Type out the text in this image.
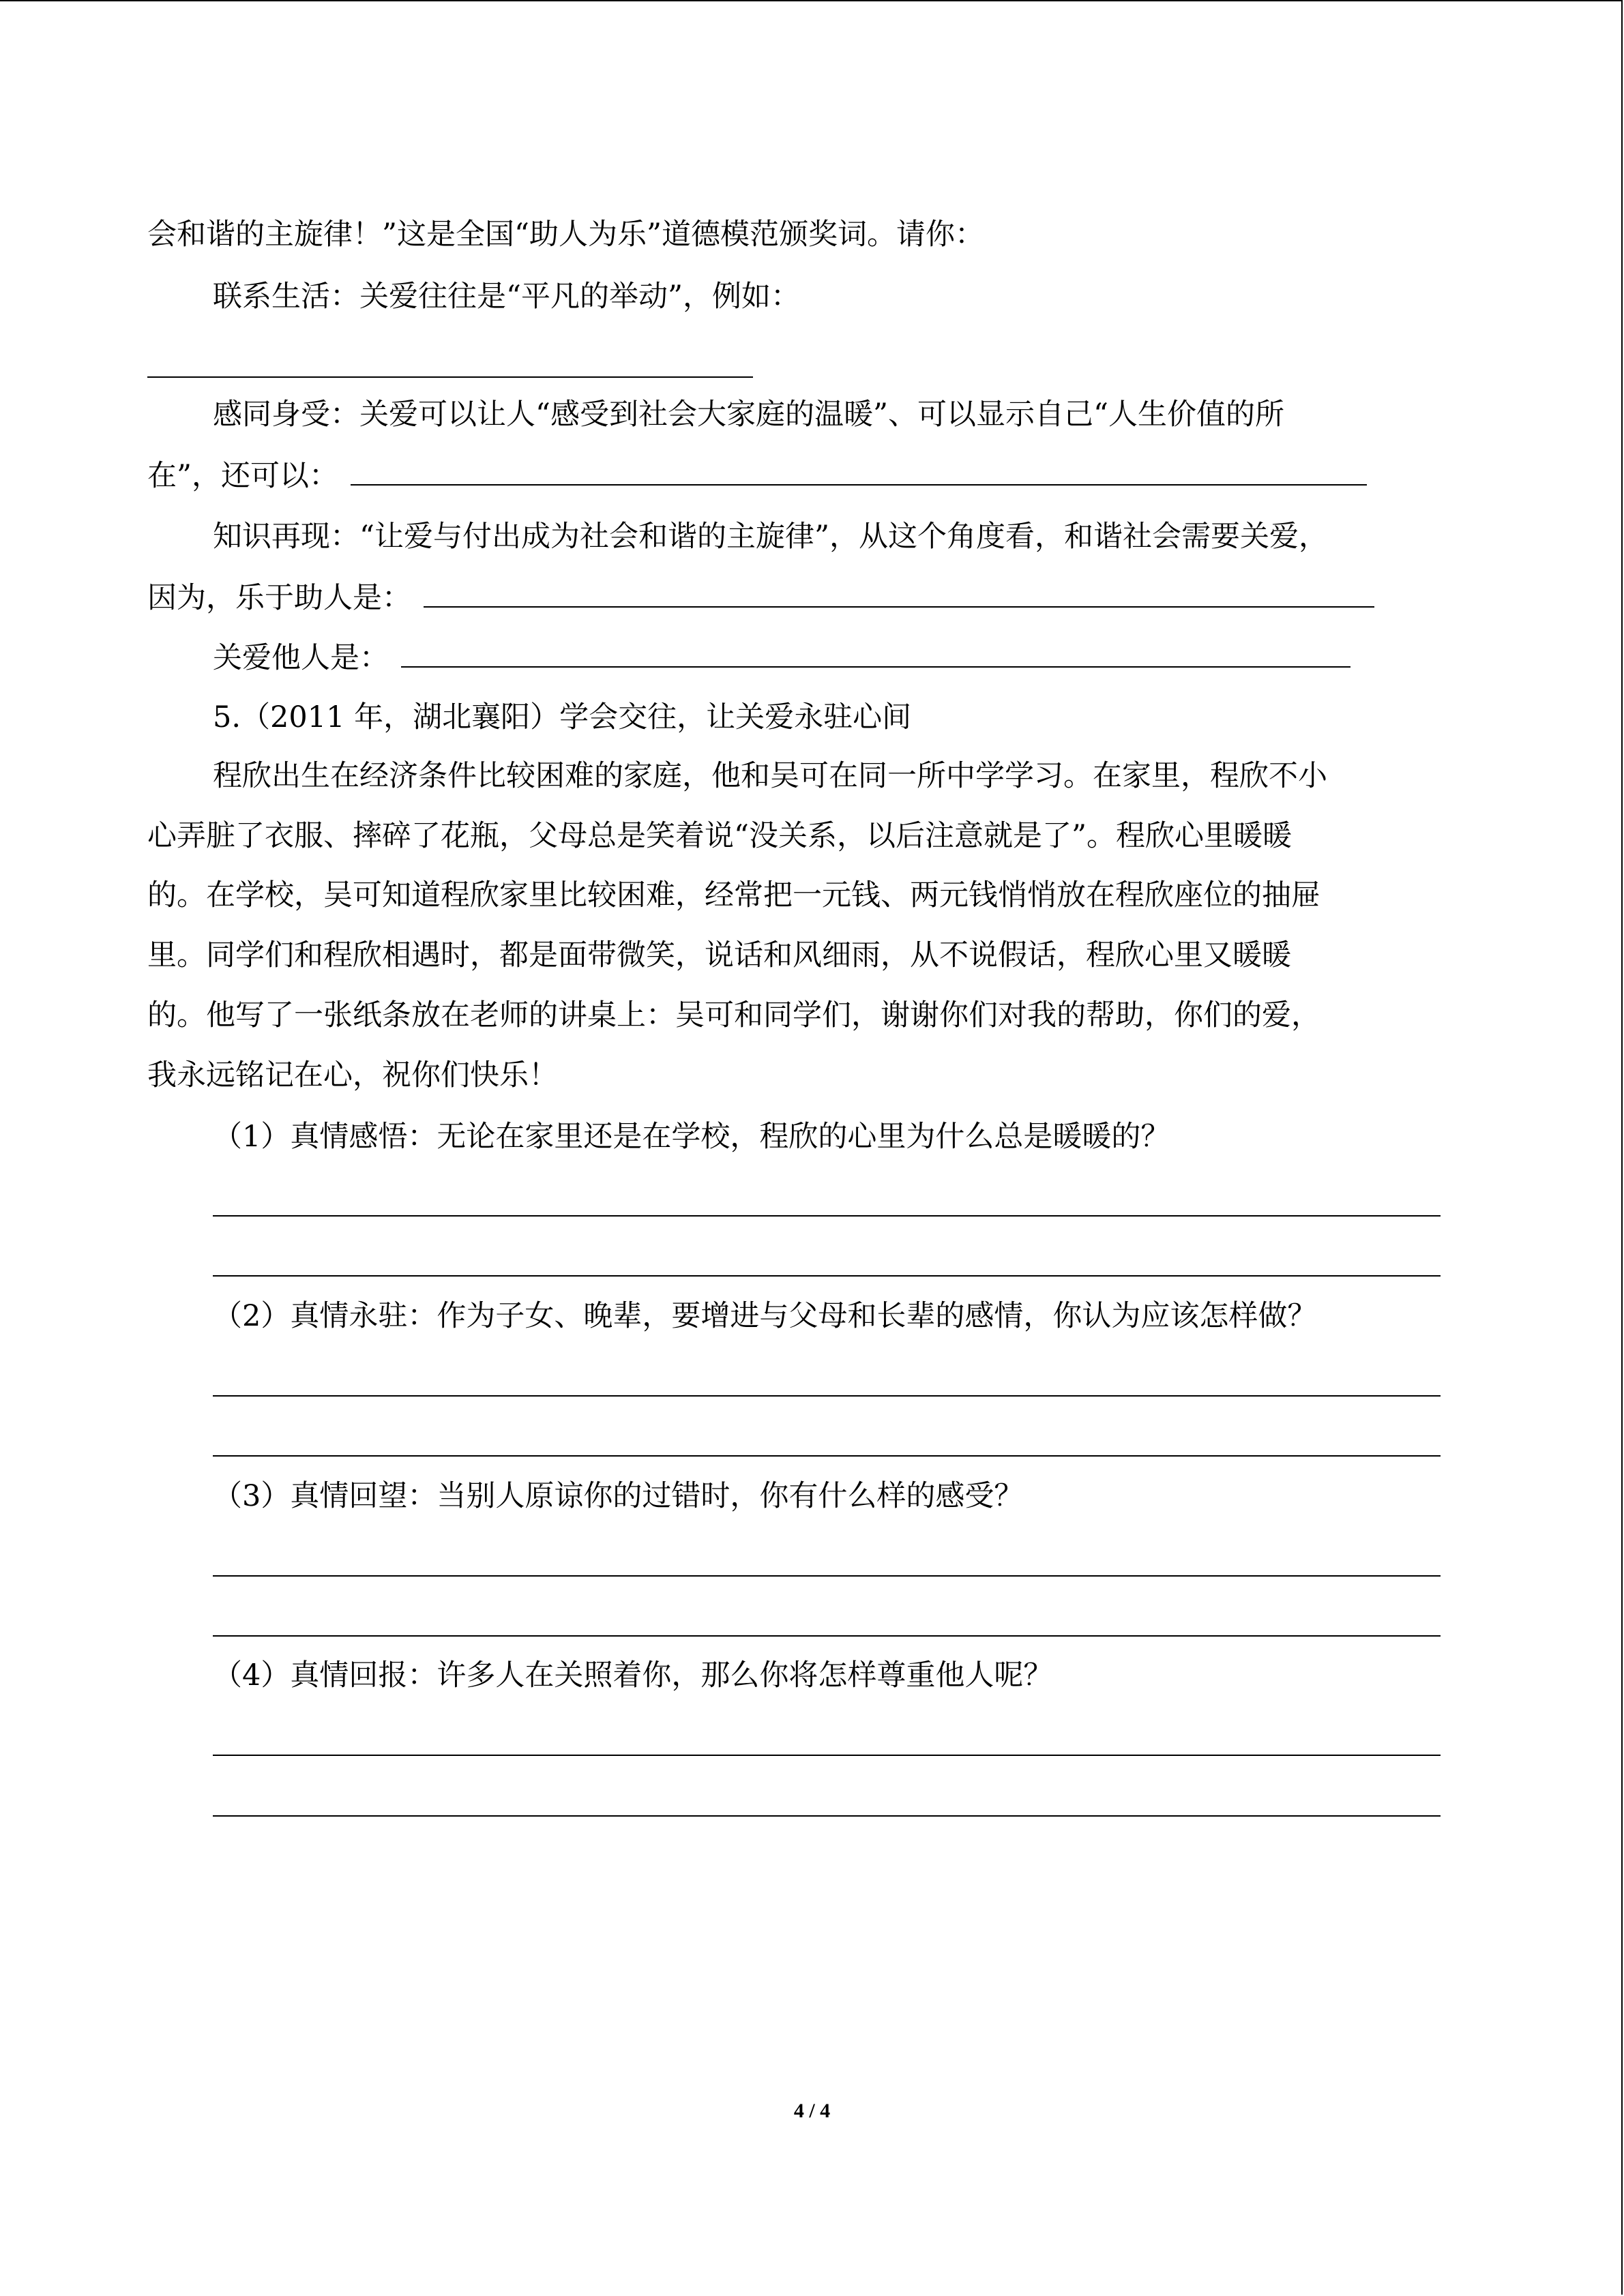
会和谐的主旋律！”这是全国“助人为乐”道德模范颁奖词。请你：
联系生活：关爱往往是“平凡的举动”，例如：
感同身受：关爱可以让人“感受到社会大家庭的温暖”、可以显示自己“人生价值的所
在”，还可以：
知识再现：“让爱与付出成为社会和谐的主旋律”，从这个角度看，和谐社会需要关爱，
因为，乐于助人是：
关爱他人是：
5.（2011 年，湖北襄阳）学会交往，让关爱永驻心间
程欣出生在经济条件比较困难的家庭，他和吴可在同一所中学学习。在家里，程欣不小
心弄脏了衣服、摔碎了花瓶，父母总是笑着说“没关系，以后注意就是了”。程欣心里暖暖
的。在学校，吴可知道程欣家里比较困难，经常把一元钱、两元钱悄悄放在程欣座位的抽屉
里。同学们和程欣相遇时，都是面带微笑，说话和风细雨，从不说假话，程欣心里又暖暖
的。他写了一张纸条放在老师的讲桌上：吴可和同学们，谢谢你们对我的帮助，你们的爱，
我永远铭记在心，祝你们快乐！
（1）真情感悟：无论在家里还是在学校，程欣的心里为什么总是暖暖的？
（2）真情永驻：作为子女、晚辈，要增进与父母和长辈的感情，你认为应该怎样做？
（3）真情回望：当别人原谅你的过错时，你有什么样的感受？
（4）真情回报：许多人在关照着你，那么你将怎样尊重他人呢？
4 / 4
